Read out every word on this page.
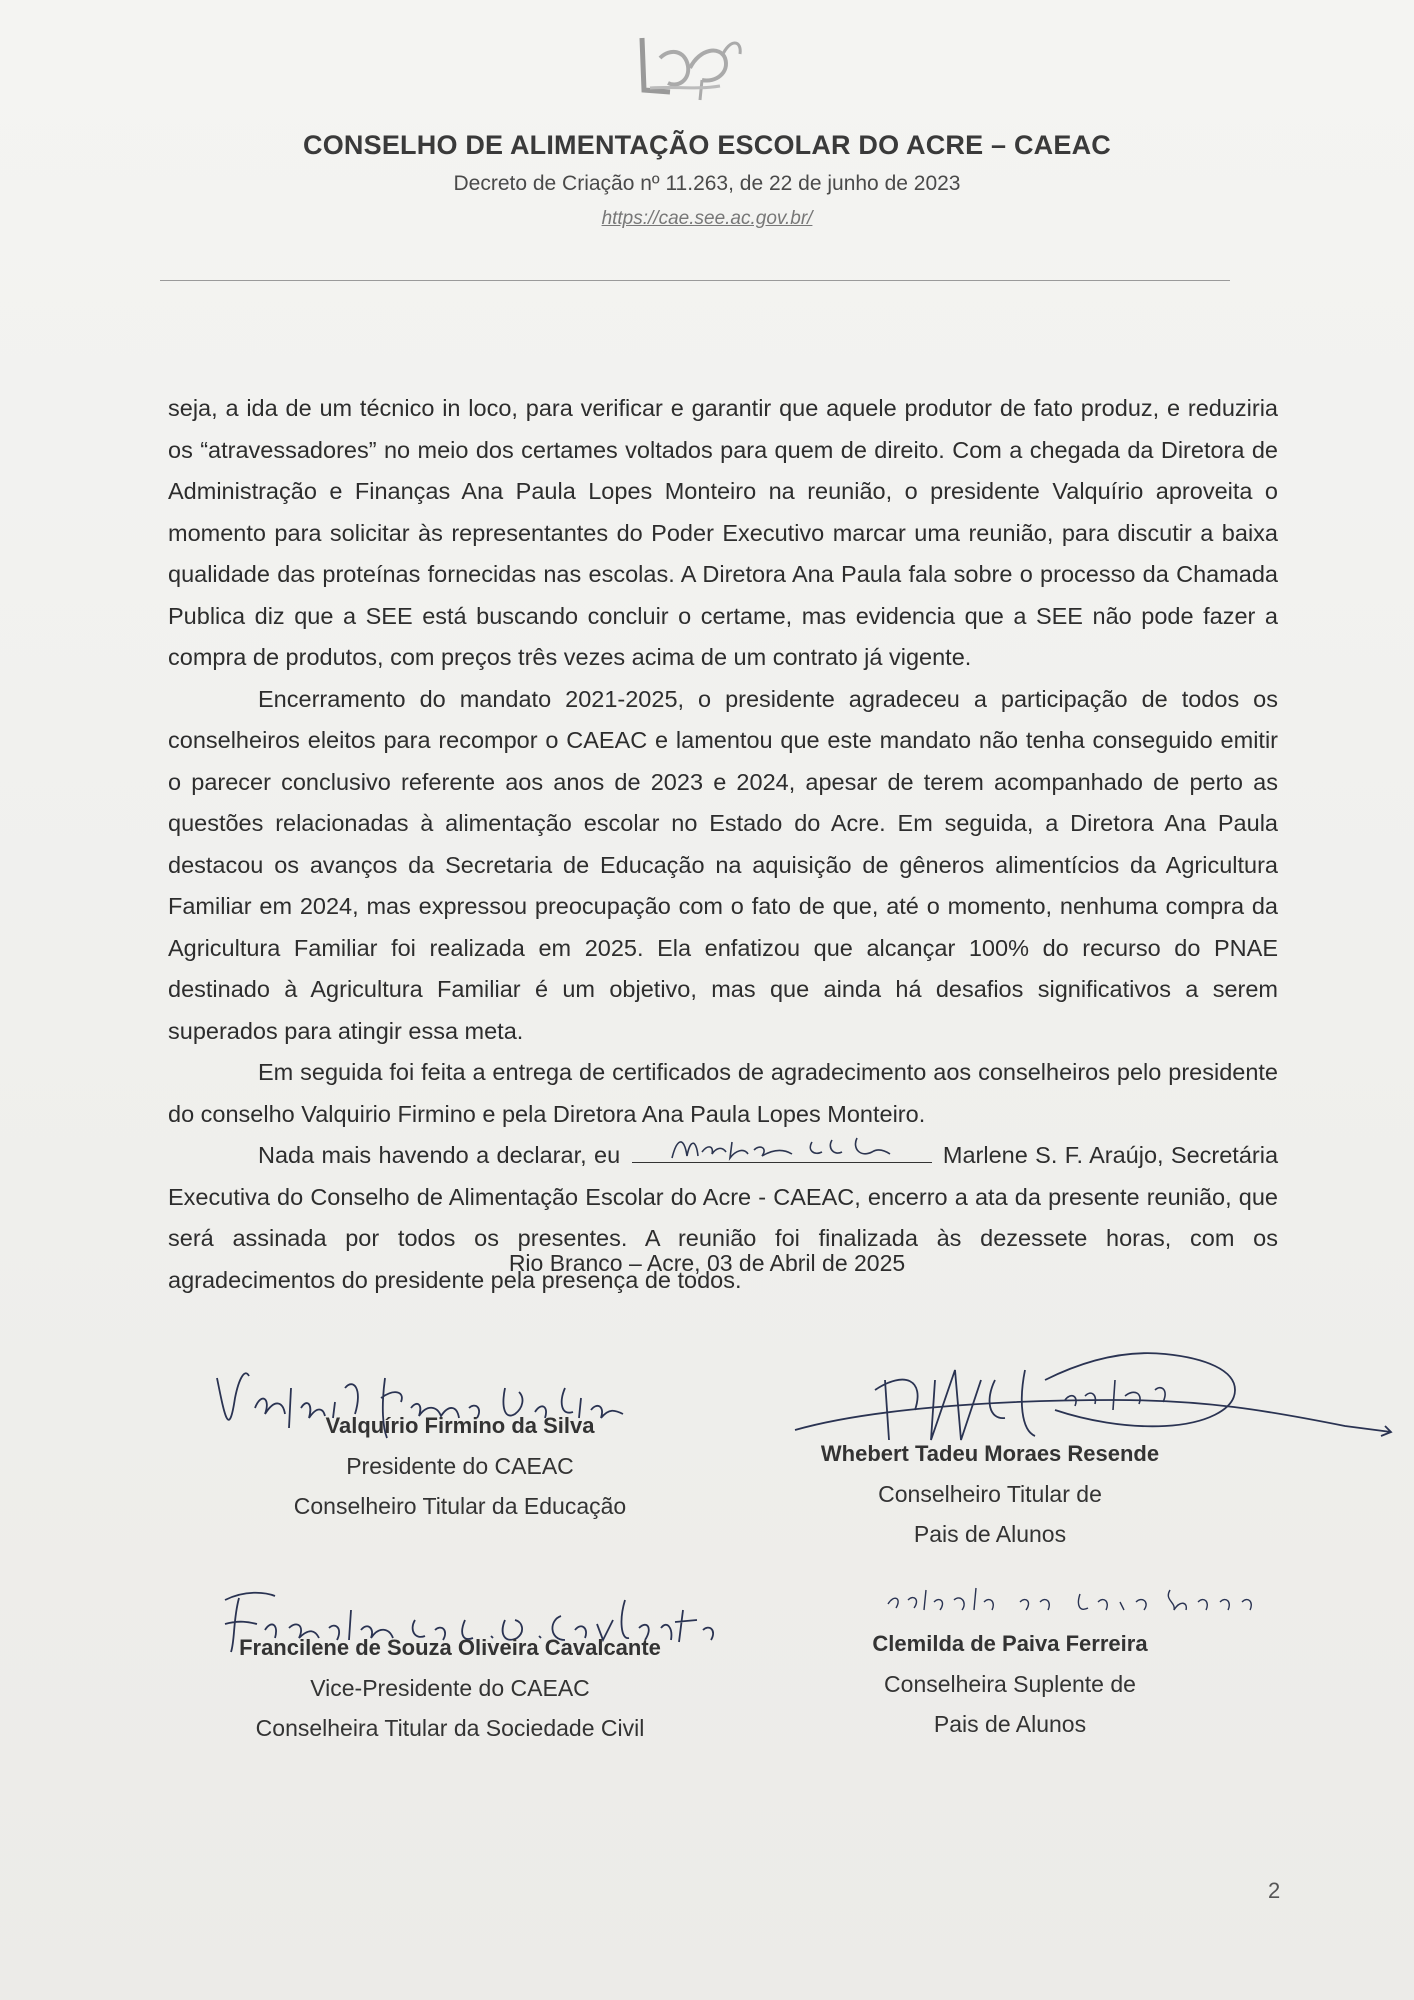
CONSELHO DE ALIMENTAÇÃO ESCOLAR DO ACRE – CAEAC
Decreto de Criação nº 11.263, de 22 de junho de 2023
https://cae.see.ac.gov.br/

seja, a ida de um técnico in loco, para verificar e garantir que aquele produtor de fato produz, e reduziria os “atravessadores” no meio dos certames voltados para quem de direito. Com a chegada da Diretora de Administração e Finanças Ana Paula Lopes Monteiro na reunião, o presidente Valquírio aproveita o momento para solicitar às representantes do Poder Executivo marcar uma reunião, para discutir a baixa qualidade das proteínas fornecidas nas escolas. A Diretora Ana Paula fala sobre o processo da Chamada Publica diz que a SEE está buscando concluir o certame, mas evidencia que a SEE não pode fazer a compra de produtos, com preços três vezes acima de um contrato já vigente.

Encerramento do mandato 2021-2025, o presidente agradeceu a participação de todos os conselheiros eleitos para recompor o CAEAC e lamentou que este mandato não tenha conseguido emitir o parecer conclusivo referente aos anos de 2023 e 2024, apesar de terem acompanhado de perto as questões relacionadas à alimentação escolar no Estado do Acre. Em seguida, a Diretora Ana Paula destacou os avanços da Secretaria de Educação na aquisição de gêneros alimentícios da Agricultura Familiar em 2024, mas expressou preocupação com o fato de que, até o momento, nenhuma compra da Agricultura Familiar foi realizada em 2025. Ela enfatizou que alcançar 100% do recurso do PNAE destinado à Agricultura Familiar é um objetivo, mas que ainda há desafios significativos a serem superados para atingir essa meta.

Em seguida foi feita a entrega de certificados de agradecimento aos conselheiros pelo presidente do conselho Valquirio Firmino e pela Diretora Ana Paula Lopes Monteiro.

Nada mais havendo a declarar, eu	Marlene S. F. Araújo, Secretária Executiva do Conselho de Alimentação Escolar do Acre - CAEAC, encerro a ata da presente reunião, que será assinada por todos os presentes. A reunião foi finalizada às dezessete horas, com os agradecimentos do presidente pela presença de todos.

Rio Branco – Acre, 03 de Abril de 2025
Valquírio Firmino da Silva
Presidente do CAEAC
Conselheiro Titular da Educação
Whebert Tadeu Moraes Resende
Conselheiro Titular de
Pais de Alunos
Francilene de Souza Oliveira Cavalcante
Vice-Presidente do CAEAC
Conselheira Titular da Sociedade Civil
Clemilda de Paiva Ferreira
Conselheira Suplente de
Pais de Alunos
2
